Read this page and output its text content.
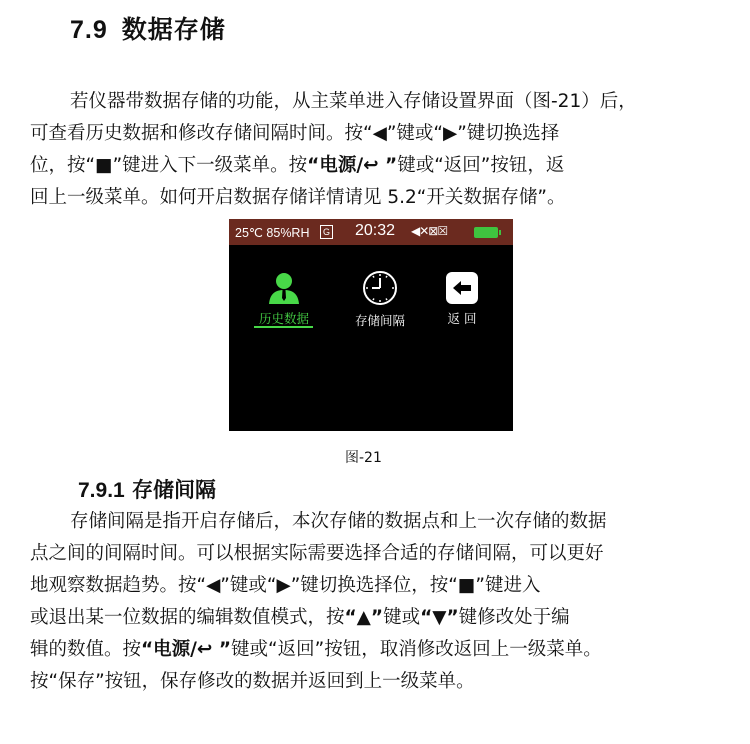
7.9 数据存储

若仪器带数据存储的功能，从主菜单进入存储设置界面（图-21）后，

可查看历史数据和修改存储间隔时间。按“◀”键或“▶”键切换选择

位，按“■”键进入下一级菜单。按“电源/↩ ”键或“返回”按钮，返

回上一级菜单。如何开启数据存储详情请见 5.2“开关数据存储”。

25℃ 85%RH	G 20:32 ◀✕⊠☒
历史数据	存储间隔	返 回
图-21
7.9.1 存储间隔

存储间隔是指开启存储后，本次存储的数据点和上一次存储的数据

点之间的间隔时间。可以根据实际需要选择合适的存储间隔，可以更好

地观察数据趋势。按“◀”键或“▶”键切换选择位，按“■”键进入

或退出某一位数据的编辑数值模式，按“▲”键或“▼”键修改处于编

辑的数值。按“电源/↩ ”键或“返回”按钮，取消修改返回上一级菜单。

按“保存”按钮，保存修改的数据并返回到上一级菜单。
